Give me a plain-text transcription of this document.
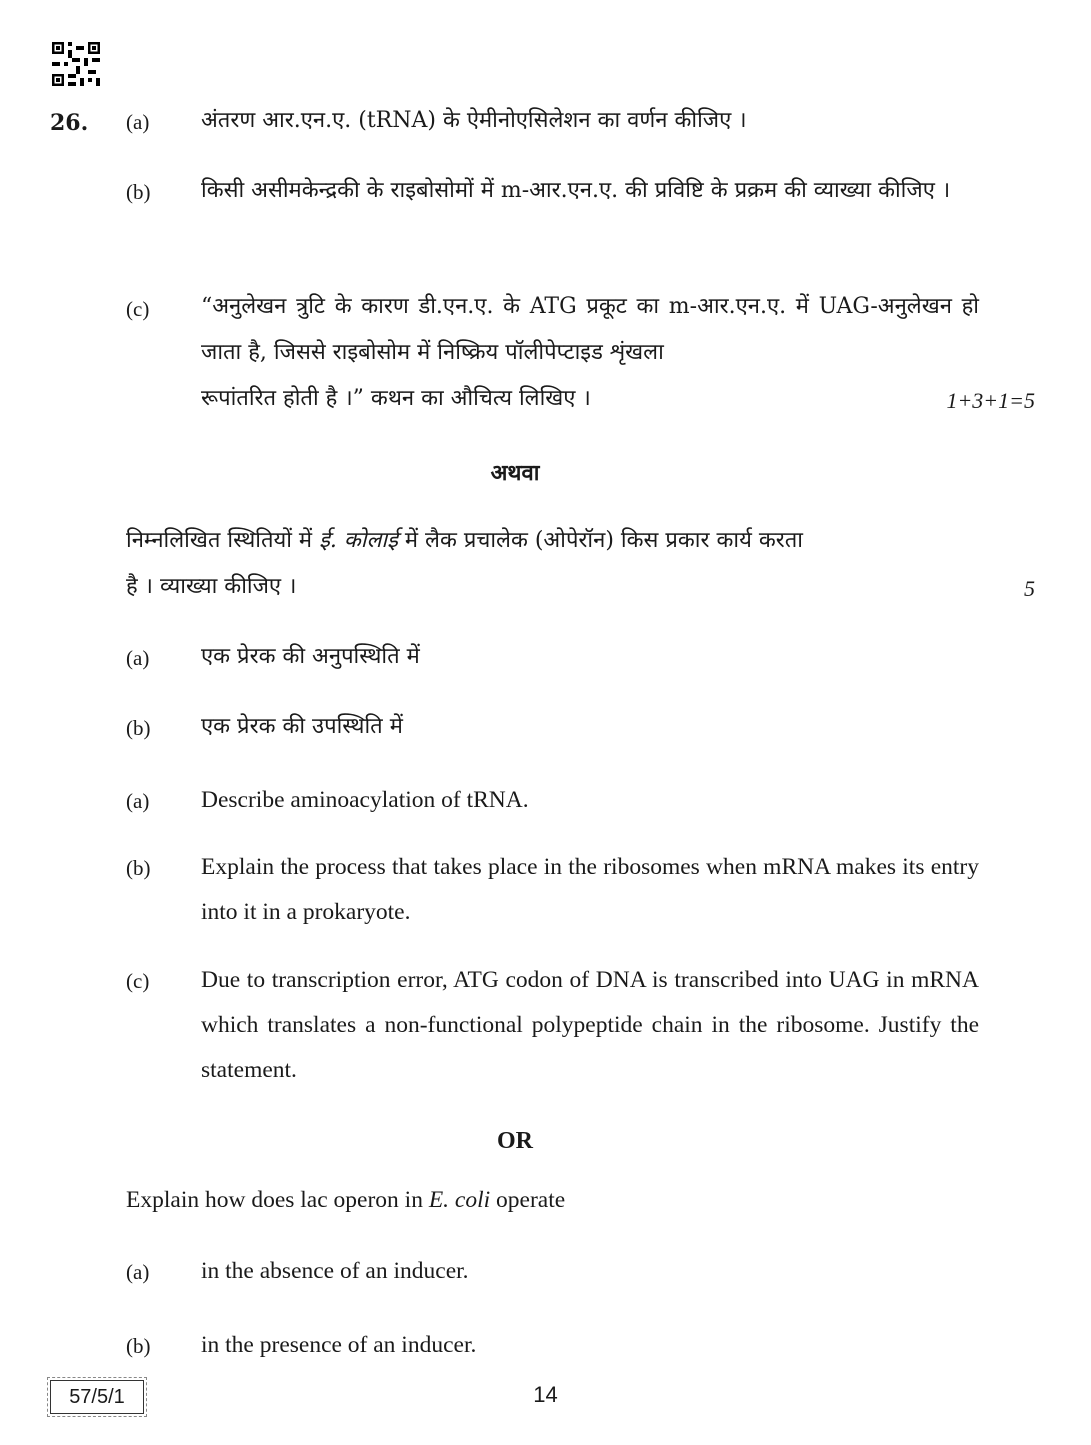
26. (a) अंतरण आर.एन.ए. (tRNA) के ऐमीनोएसिलेशन का वर्णन कीजिए ।
(b) किसी असीमकेन्द्रकी के राइबोसोमों में m-आर.एन.ए. की प्रविष्टि के प्रक्रम की व्याख्या कीजिए ।
(c) “अनुलेखन त्रुटि के कारण डी.एन.ए. के ATG प्रकूट का m-आर.एन.ए. में UAG-अनुलेखन हो जाता है, जिससे राइबोसोम में निष्क्रिय पॉलीपेप्टाइड शृंखला
रूपांतरित होती है ।” कथन का औचित्य लिखिए ।	1+3+1=5
अथवा
निम्नलिखित स्थितियों में ई. कोलाई में लैक प्रचालेक (ओपेरॉन) किस प्रकार कार्य करता
है । व्याख्या कीजिए ।	5
(a) एक प्रेरक की अनुपस्थिति में
(b) एक प्रेरक की उपस्थिति में
(a) Describe aminoacylation of tRNA.
(b) Explain the process that takes place in the ribosomes when mRNA makes its entry into it in a prokaryote.
(c) Due to transcription error, ATG codon of DNA is transcribed into UAG in mRNA which translates a non-functional polypeptide chain in the ribosome. Justify the statement.
OR
Explain how does lac operon in E. coli operate
(a) in the absence of an inducer.
(b) in the presence of an inducer.
57/5/1	14
